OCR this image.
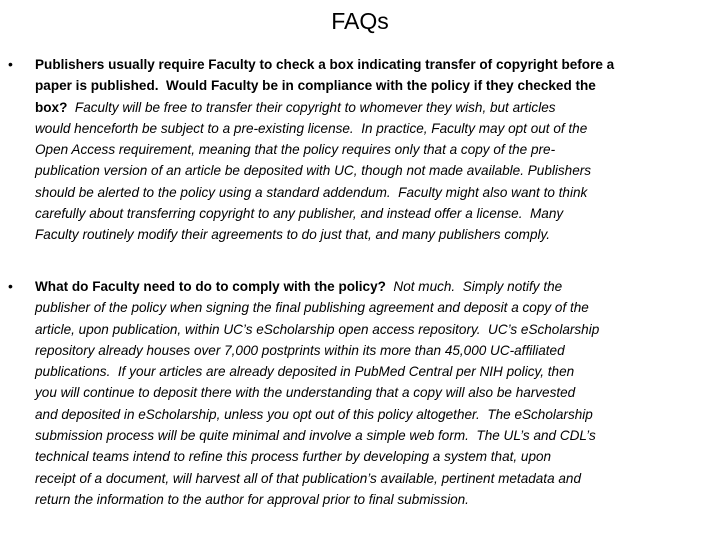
FAQs
• Publishers usually require Faculty to check a box indicating transfer of copyright before a
paper is published.  Would Faculty be in compliance with the policy if they checked the
box?  Faculty will be free to transfer their copyright to whomever they wish, but articles
would henceforth be subject to a pre-existing license.  In practice, Faculty may opt out of the
Open Access requirement, meaning that the policy requires only that a copy of the pre-
publication version of an article be deposited with UC, though not made available. Publishers
should be alerted to the policy using a standard addendum.  Faculty might also want to think
carefully about transferring copyright to any publisher, and instead offer a license.  Many
Faculty routinely modify their agreements to do just that, and many publishers comply.
• What do Faculty need to do to comply with the policy?  Not much.  Simply notify the
publisher of the policy when signing the final publishing agreement and deposit a copy of the
article, upon publication, within UC’s eScholarship open access repository.  UC’s eScholarship
repository already houses over 7,000 postprints within its more than 45,000 UC-affiliated
publications.  If your articles are already deposited in PubMed Central per NIH policy, then
you will continue to deposit there with the understanding that a copy will also be harvested
and deposited in eScholarship, unless you opt out of this policy altogether.  The eScholarship
submission process will be quite minimal and involve a simple web form.  The UL’s and CDL’s
technical teams intend to refine this process further by developing a system that, upon
receipt of a document, will harvest all of that publication’s available, pertinent metadata and
return the information to the author for approval prior to final submission.
